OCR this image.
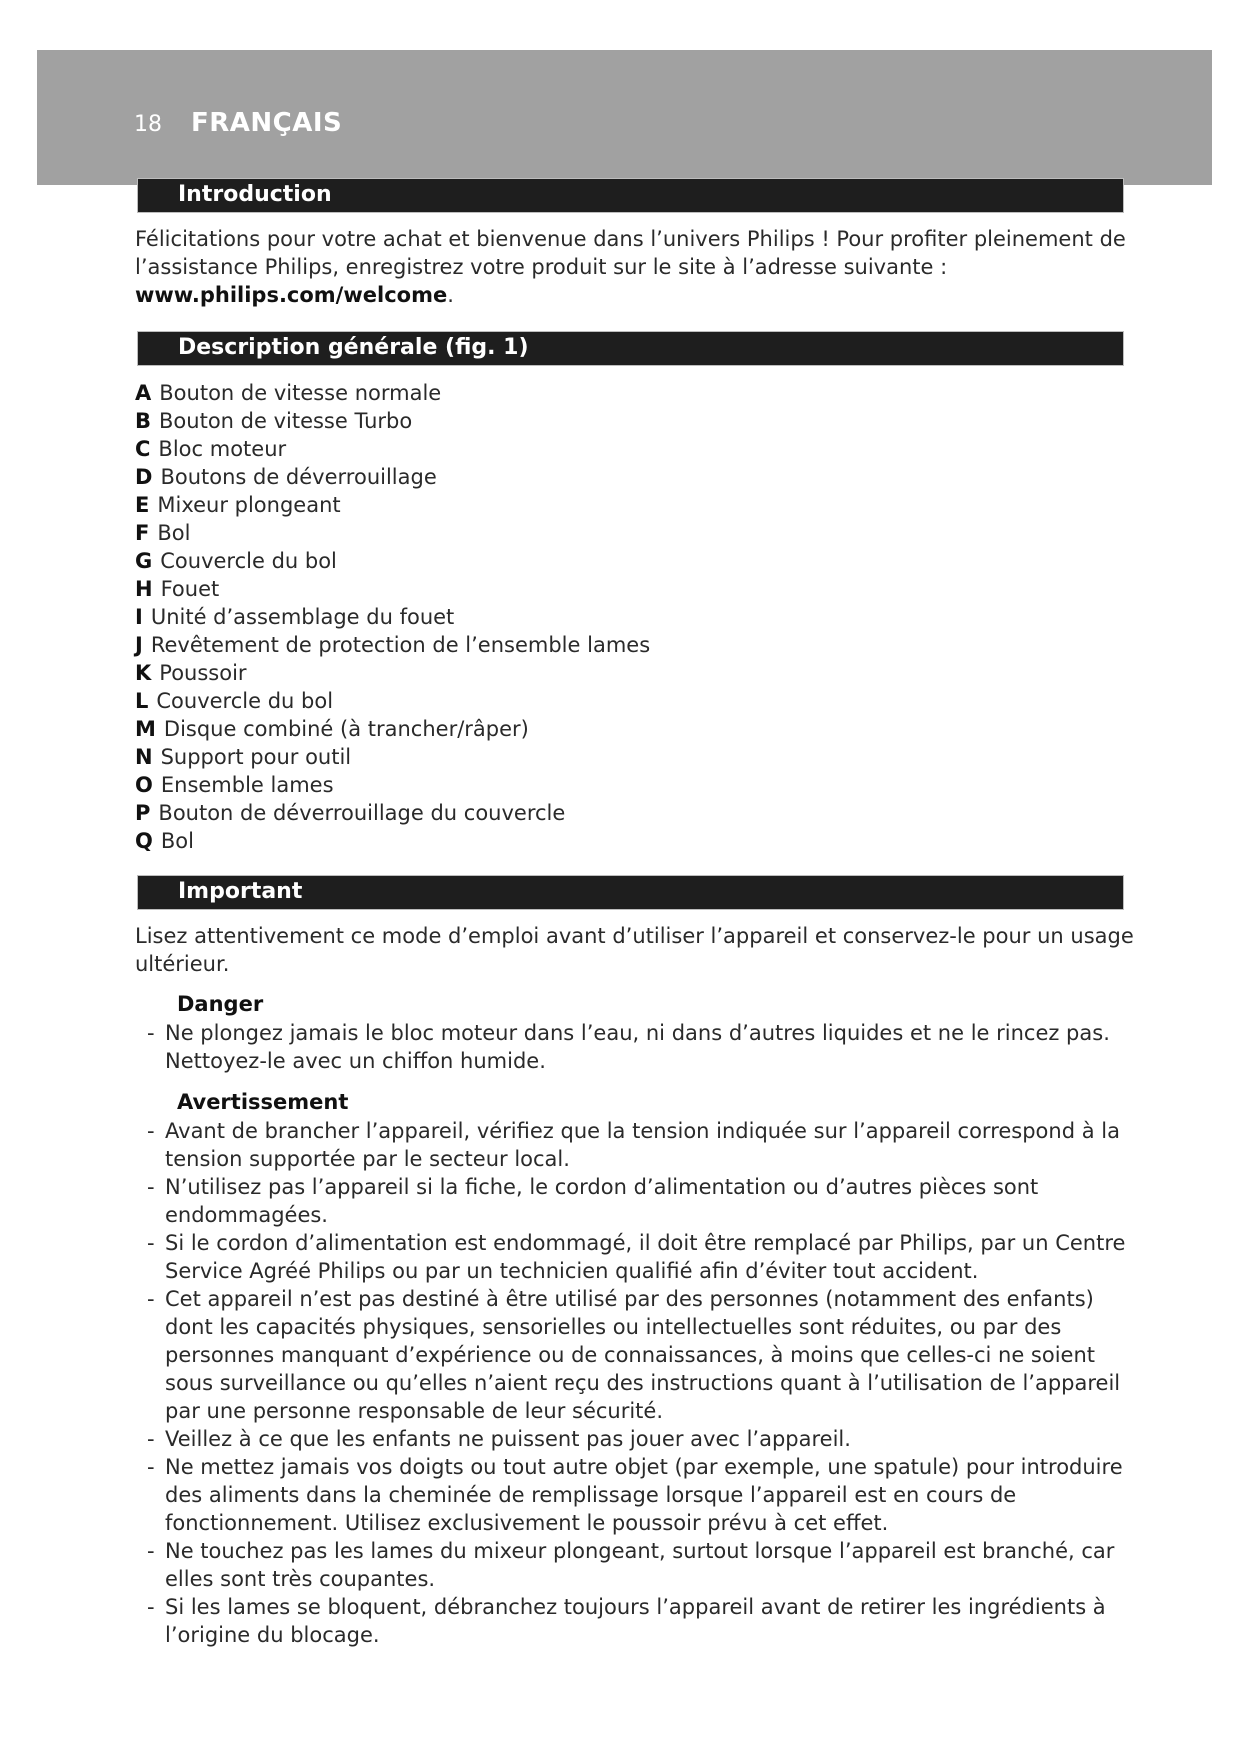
18 FRANÇAIS
Introduction
Félicitations pour votre achat et bienvenue dans l’univers Philips ! Pour profiter pleinement de l’assistance Philips, enregistrez votre produit sur le site à l’adresse suivante : www.philips.com/welcome.
Description générale (fig. 1)
A Bouton de vitesse normale
B Bouton de vitesse Turbo
C Bloc moteur
D Boutons de déverrouillage
E Mixeur plongeant
F Bol
G Couvercle du bol
H Fouet
I Unité d’assemblage du fouet
J Revêtement de protection de l’ensemble lames
K Poussoir
L Couvercle du bol
M Disque combiné (à trancher/râper)
N Support pour outil
O Ensemble lames
P Bouton de déverrouillage du couvercle
Q Bol
Important
Lisez attentivement ce mode d’emploi avant d’utiliser l’appareil et conservez-le pour un usage ultérieur.
Danger
- Ne plongez jamais le bloc moteur dans l’eau, ni dans d’autres liquides et ne le rincez pas. Nettoyez-le avec un chiffon humide.
Avertissement
- Avant de brancher l’appareil, vérifiez que la tension indiquée sur l’appareil correspond à la tension supportée par le secteur local.
- N’utilisez pas l’appareil si la fiche, le cordon d’alimentation ou d’autres pièces sont endommagées.
- Si le cordon d’alimentation est endommagé, il doit être remplacé par Philips, par un Centre Service Agréé Philips ou par un technicien qualifié afin d’éviter tout accident.
- Cet appareil n’est pas destiné à être utilisé par des personnes (notamment des enfants) dont les capacités physiques, sensorielles ou intellectuelles sont réduites, ou par des personnes manquant d’expérience ou de connaissances, à moins que celles-ci ne soient sous surveillance ou qu’elles n’aient reçu des instructions quant à l’utilisation de l’appareil par une personne responsable de leur sécurité.
- Veillez à ce que les enfants ne puissent pas jouer avec l’appareil.
- Ne mettez jamais vos doigts ou tout autre objet (par exemple, une spatule) pour introduire des aliments dans la cheminée de remplissage lorsque l’appareil est en cours de fonctionnement. Utilisez exclusivement le poussoir prévu à cet effet.
- Ne touchez pas les lames du mixeur plongeant, surtout lorsque l’appareil est branché, car elles sont très coupantes.
- Si les lames se bloquent, débranchez toujours l’appareil avant de retirer les ingrédients à l’origine du blocage.
